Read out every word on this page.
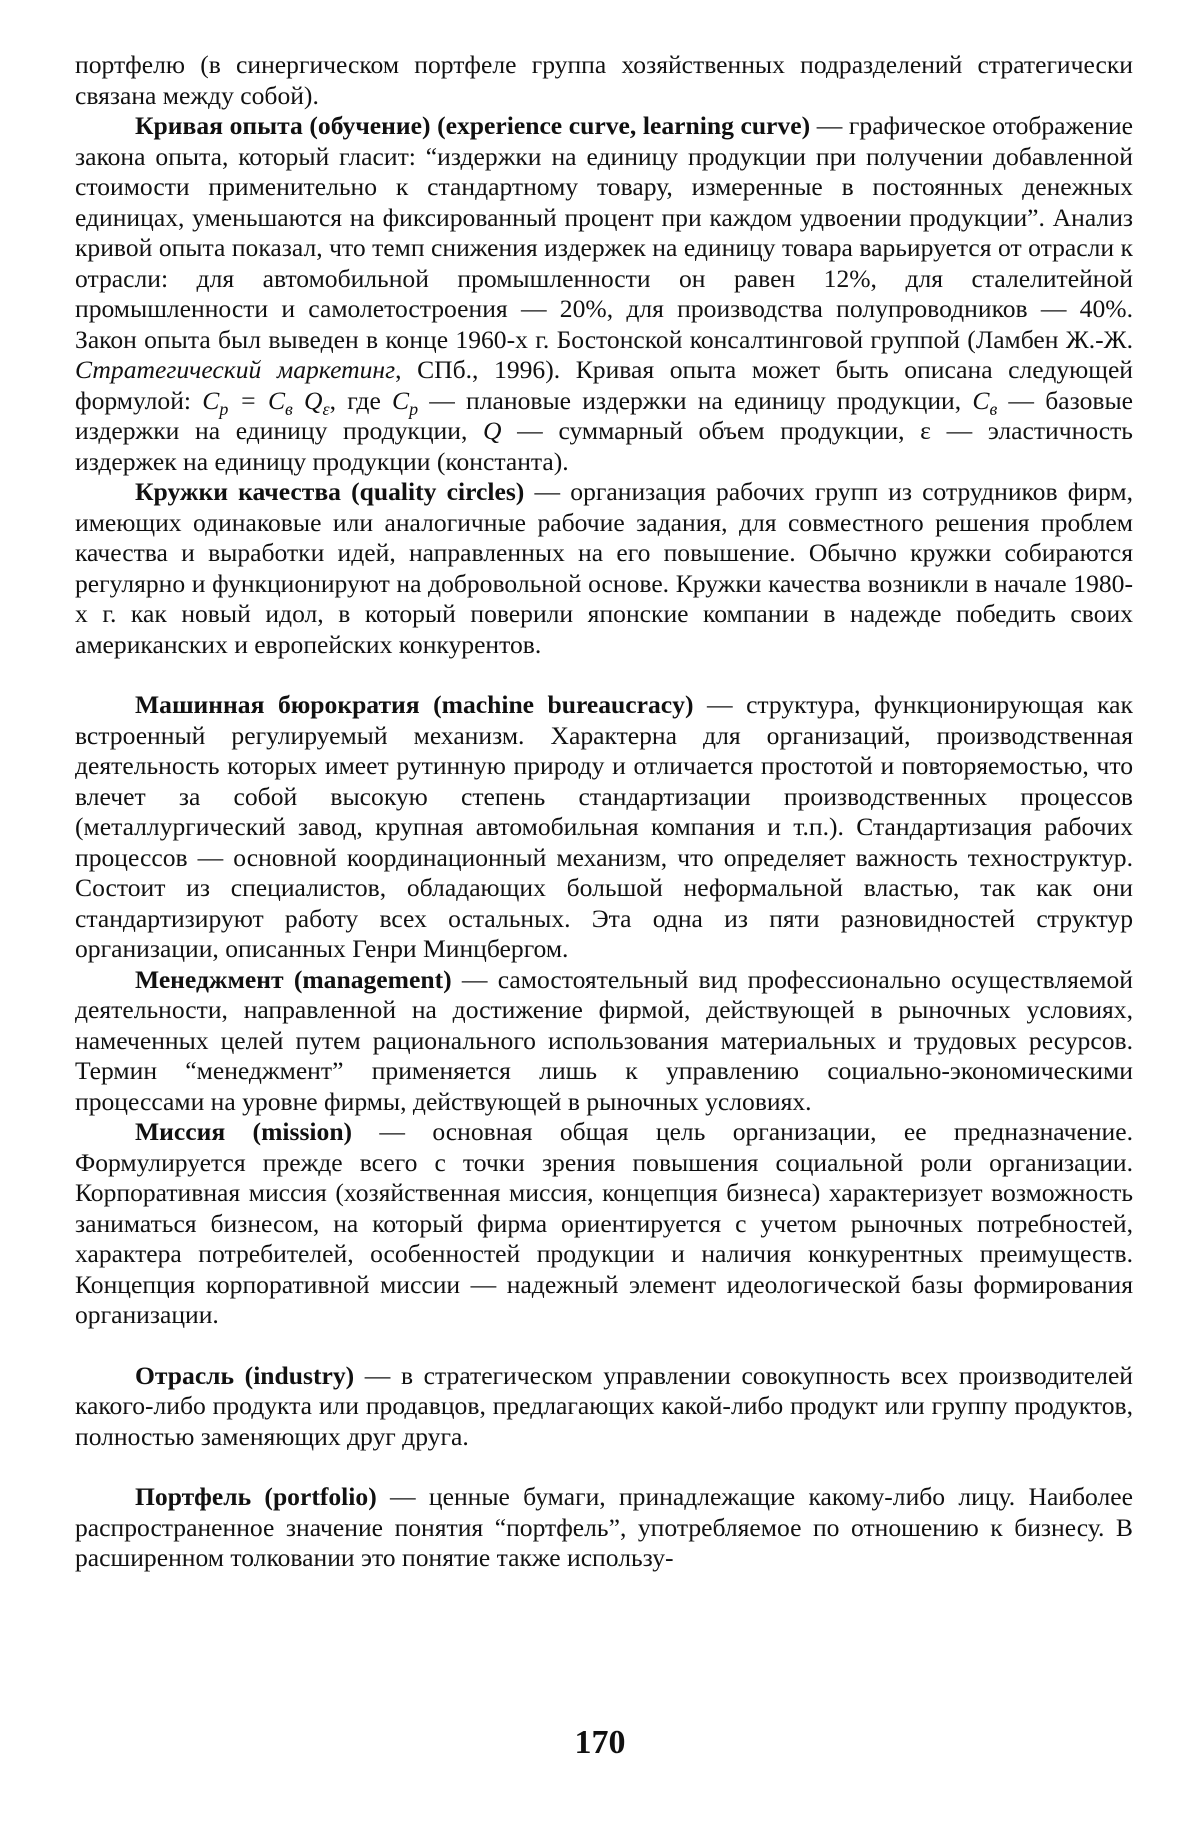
портфелю (в синергическом портфеле группа хозяйственных подразделений стратегически связана между собой).

Кривая опыта (обучение) (experience curve, learning curve) — графическое отображение закона опыта, который гласит: “издержки на единицу продукции при получении добавленной стоимости применительно к стандартному товару, измеренные в постоянных денежных единицах, уменьшаются на фиксированный процент при каждом удвоении продукции”. Анализ кривой опыта показал, что темп снижения издержек на единицу товара варьируется от отрасли к отрасли: для автомобильной промышленности он равен 12%, для сталелитейной промышленности и самолетостроения — 20%, для производства полупроводников — 40%. Закон опыта был выведен в конце 1960-х г. Бостонской консалтинговой группой (Ламбен Ж.-Ж. Стратегический маркетинг, СПб., 1996). Кривая опыта может быть описана следующей формулой: $C_p = C_в$ $Q_\varepsilon$, где $C_p$ — плановые издержки на единицу продукции, $C_в$ — базовые издержки на единицу продукции, Q — суммарный объем продукции, ε — эластичность издержек на единицу продукции (константа).

Кружки качества (quality circles) — организация рабочих групп из сотрудников фирм, имеющих одинаковые или аналогичные рабочие задания, для совместного решения проблем качества и выработки идей, направленных на его повышение. Обычно кружки собираются регулярно и функционируют на добровольной основе. Кружки качества возникли в начале 1980-х г. как новый идол, в который поверили японские компании в надежде победить своих американских и европейских конкурентов.

Машинная бюрократия (machine bureaucracy) — структура, функционирующая как встроенный регулируемый механизм. Характерна для организаций, производственная деятельность которых имеет рутинную природу и отличается простотой и повторяемостью, что влечет за собой высокую степень стандартизации производственных процессов (металлургический завод, крупная автомобильная компания и т.п.). Стандартизация рабочих процессов — основной координационный механизм, что определяет важность техноструктур. Состоит из специалистов, обладающих большой неформальной властью, так как они стандартизируют работу всех остальных. Эта одна из пяти разновидностей структур организации, описанных Генри Минцбергом.

Менеджмент (management) — самостоятельный вид профессионально осуществляемой деятельности, направленной на достижение фирмой, действующей в рыночных условиях, намеченных целей путем рационального использования материальных и трудовых ресурсов. Термин “менеджмент” применяется лишь к управлению социально-экономическими процессами на уровне фирмы, действующей в рыночных условиях.

Миссия (mission) — основная общая цель организации, ее предназначение. Формулируется прежде всего с точки зрения повышения социальной роли организации. Корпоративная миссия (хозяйственная миссия, концепция бизнеса) характеризует возможность заниматься бизнесом, на который фирма ориентируется с учетом рыночных потребностей, характера потребителей, особенностей продукции и наличия конкурентных преимуществ. Концепция корпоративной миссии — надежный элемент идеологической базы формирования организации.

Отрасль (industry) — в стратегическом управлении совокупность всех производителей какого-либо продукта или продавцов, предлагающих какой-либо продукт или группу продуктов, полностью заменяющих друг друга.

Портфель (portfolio) — ценные бумаги, принадлежащие какому-либо лицу. Наиболее распространенное значение понятия “портфель”, употребляемое по отношению к бизнесу. В расширенном толковании это понятие также использу-

170
